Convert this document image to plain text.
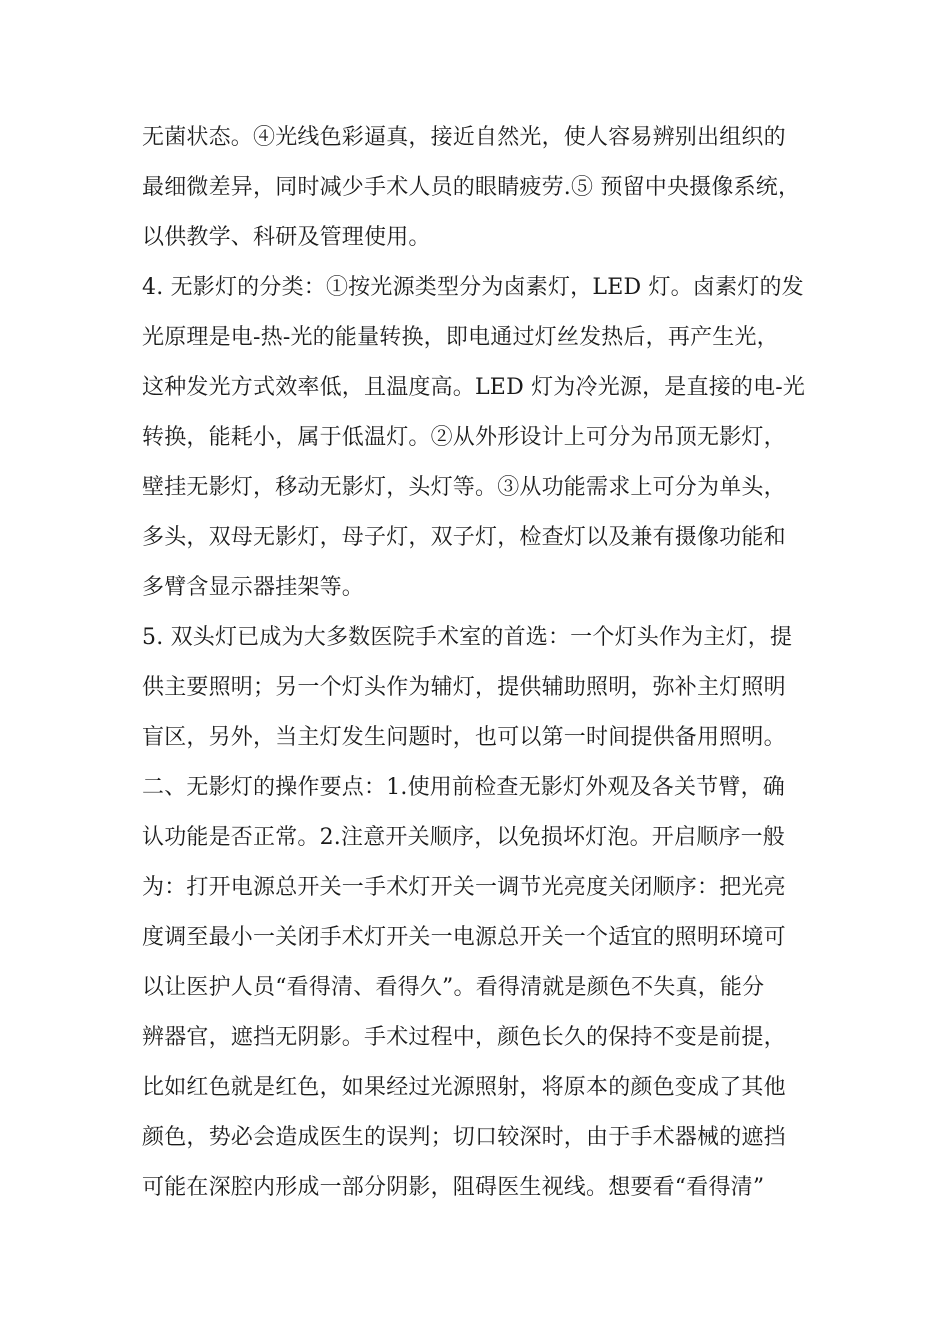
无菌状态。④光线色彩逼真，接近自然光，使人容易辨别出组织的
最细微差异，同时减少手术人员的眼睛疲劳.⑤ 预留中央摄像系统，
以供教学、科研及管理使用。
4. 无影灯的分类：①按光源类型分为卤素灯，LED 灯。卤素灯的发
光原理是电-热-光的能量转换，即电通过灯丝发热后，再产生光，
这种发光方式效率低，且温度高。LED 灯为冷光源，是直接的电-光
转换，能耗小，属于低温灯。②从外形设计上可分为吊顶无影灯，
壁挂无影灯，移动无影灯，头灯等。③从功能需求上可分为单头，
多头，双母无影灯，母子灯，双子灯，检查灯以及兼有摄像功能和
多臂含显示器挂架等。
5. 双头灯已成为大多数医院手术室的首选：一个灯头作为主灯，提
供主要照明；另一个灯头作为辅灯，提供辅助照明，弥补主灯照明
盲区，另外，当主灯发生问题时，也可以第一时间提供备用照明。
二、无影灯的操作要点：1.使用前检查无影灯外观及各关节臂，确
认功能是否正常。2.注意开关顺序，以免损坏灯泡。开启顺序一般
为：打开电源总开关一手术灯开关一调节光亮度关闭顺序：把光亮
度调至最小一关闭手术灯开关一电源总开关一个适宜的照明环境可
以让医护人员“看得清、看得久”。看得清就是颜色不失真，能分
辨器官，遮挡无阴影。手术过程中，颜色长久的保持不变是前提，
比如红色就是红色，如果经过光源照射，将原本的颜色变成了其他
颜色，势必会造成医生的误判；切口较深时，由于手术器械的遮挡
可能在深腔内形成一部分阴影，阻碍医生视线。想要看“看得清”
